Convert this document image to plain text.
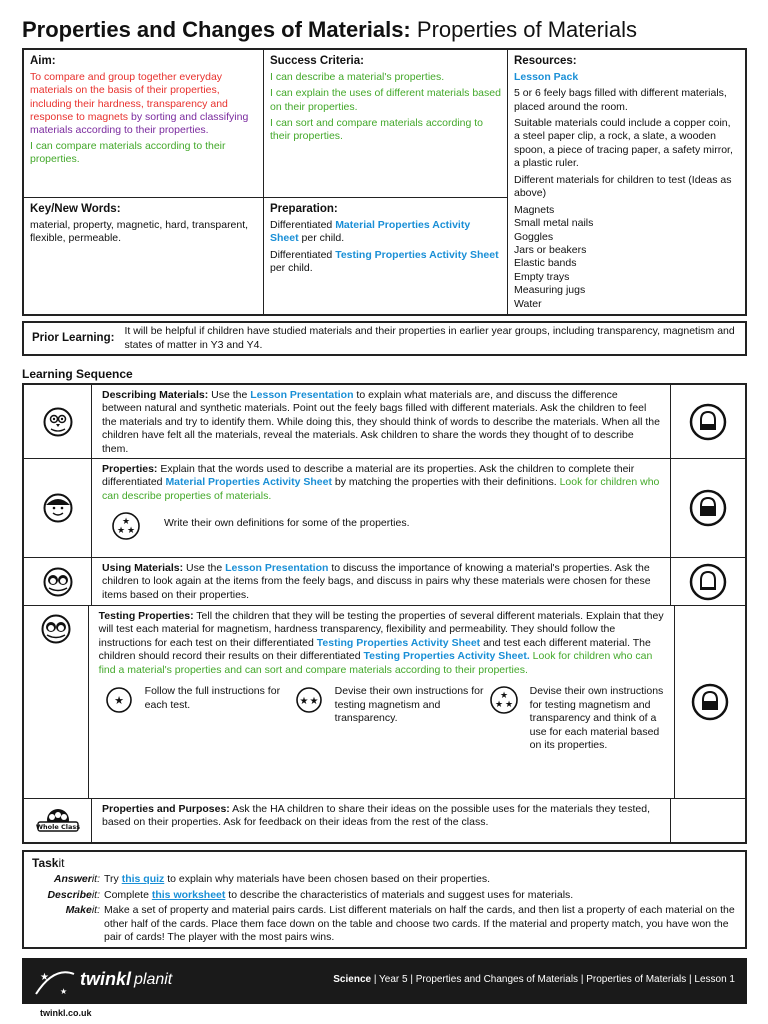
Properties and Changes of Materials: Properties of Materials
Aim:
To compare and group together everyday materials on the basis of their properties, including their hardness, transparency and response to magnets by sorting and classifying materials according to their properties.
I can compare materials according to their properties.
Success Criteria:
I can describe a material's properties.
I can explain the uses of different materials based on their properties.
I can sort and compare materials according to their properties.
Resources:

Lesson Pack

5 or 6 feely bags filled with different materials, placed around the room.

Suitable materials could include a copper coin, a steel paper clip, a rock, a slate, a wooden spoon, a piece of tracing paper, a safety mirror, a plastic ruler.

Different materials for children to test (Ideas as above)

Magnets

Small metal nails

Goggles

Jars or beakers

Elastic bands

Empty trays

Measuring jugs

Water

Key/New Words:
material, property, magnetic, hard, transparent, flexible, permeable.
Preparation:
Differentiated Material Properties Activity Sheet per child.
Differentiated Testing Properties Activity Sheet per child.
Prior Learning:
It will be helpful if children have studied materials and their properties in earlier year groups, including transparency, magnetism and states of matter in Y3 and Y4.
Learning Sequence
Describing Materials: Use the Lesson Presentation to explain what materials are, and discuss the difference between natural and synthetic materials. Point out the feely bags filled with different materials. Ask the children to feel the materials and try to identify them. While doing this, they should think of words to describe the materials. When all the children have felt all the materials, reveal the materials. Ask children to share the words they thought of to describe them.
Properties: Explain that the words used to describe a material are its properties. Ask the children to complete their differentiated Material Properties Activity Sheet by matching the properties with their definitions. Look for children who can describe properties of materials.
★
★ ★
Write their own definitions for some of the properties.
Using Materials: Use the Lesson Presentation to discuss the importance of knowing a material's properties. Ask the children to look again at the items from the feely bags, and discuss in pairs why these materials were chosen for these items based on their properties.
Testing Properties: Tell the children that they will be testing the properties of several different materials. Explain that they will test each material for magnetism, hardness transparency, flexibility and permeability. They should follow the instructions for each test on their differentiated Testing Properties Activity Sheet and test each different material. The children should record their results on their differentiated Testing Properties Activity Sheet. Look for children who can find a material's properties and can sort and compare materials according to their properties.
★
Follow the full instructions for each test.	★ ★
Devise their own instructions for testing magnetism and transparency.
★
★ ★
Devise their own instructions for testing magnetism and transparency and think of a use for each material based on its properties.
Whole Class
Properties and Purposes: Ask the HA children to share their ideas on the possible uses for the materials they tested, based on their properties. Ask for feedback on their ideas from the rest of the class.
Taskit
Answerit: Try this quiz to explain why materials have been chosen based on their properties.
Describeit: Complete this worksheet to describe the characteristics of materials and suggest uses for materials.
Makeit: Make a set of property and material pairs cards. List different materials on half the cards, and then list a property of each material on the other half of the cards. Place them face down on the table and choose two cards. If the material and property match, you have won the pair of cards! The player with the most pairs wins.
★
★
twinkl planit	Science | Year 5 | Properties and Changes of Materials | Properties of Materials | Lesson 1
twinkl.co.uk
